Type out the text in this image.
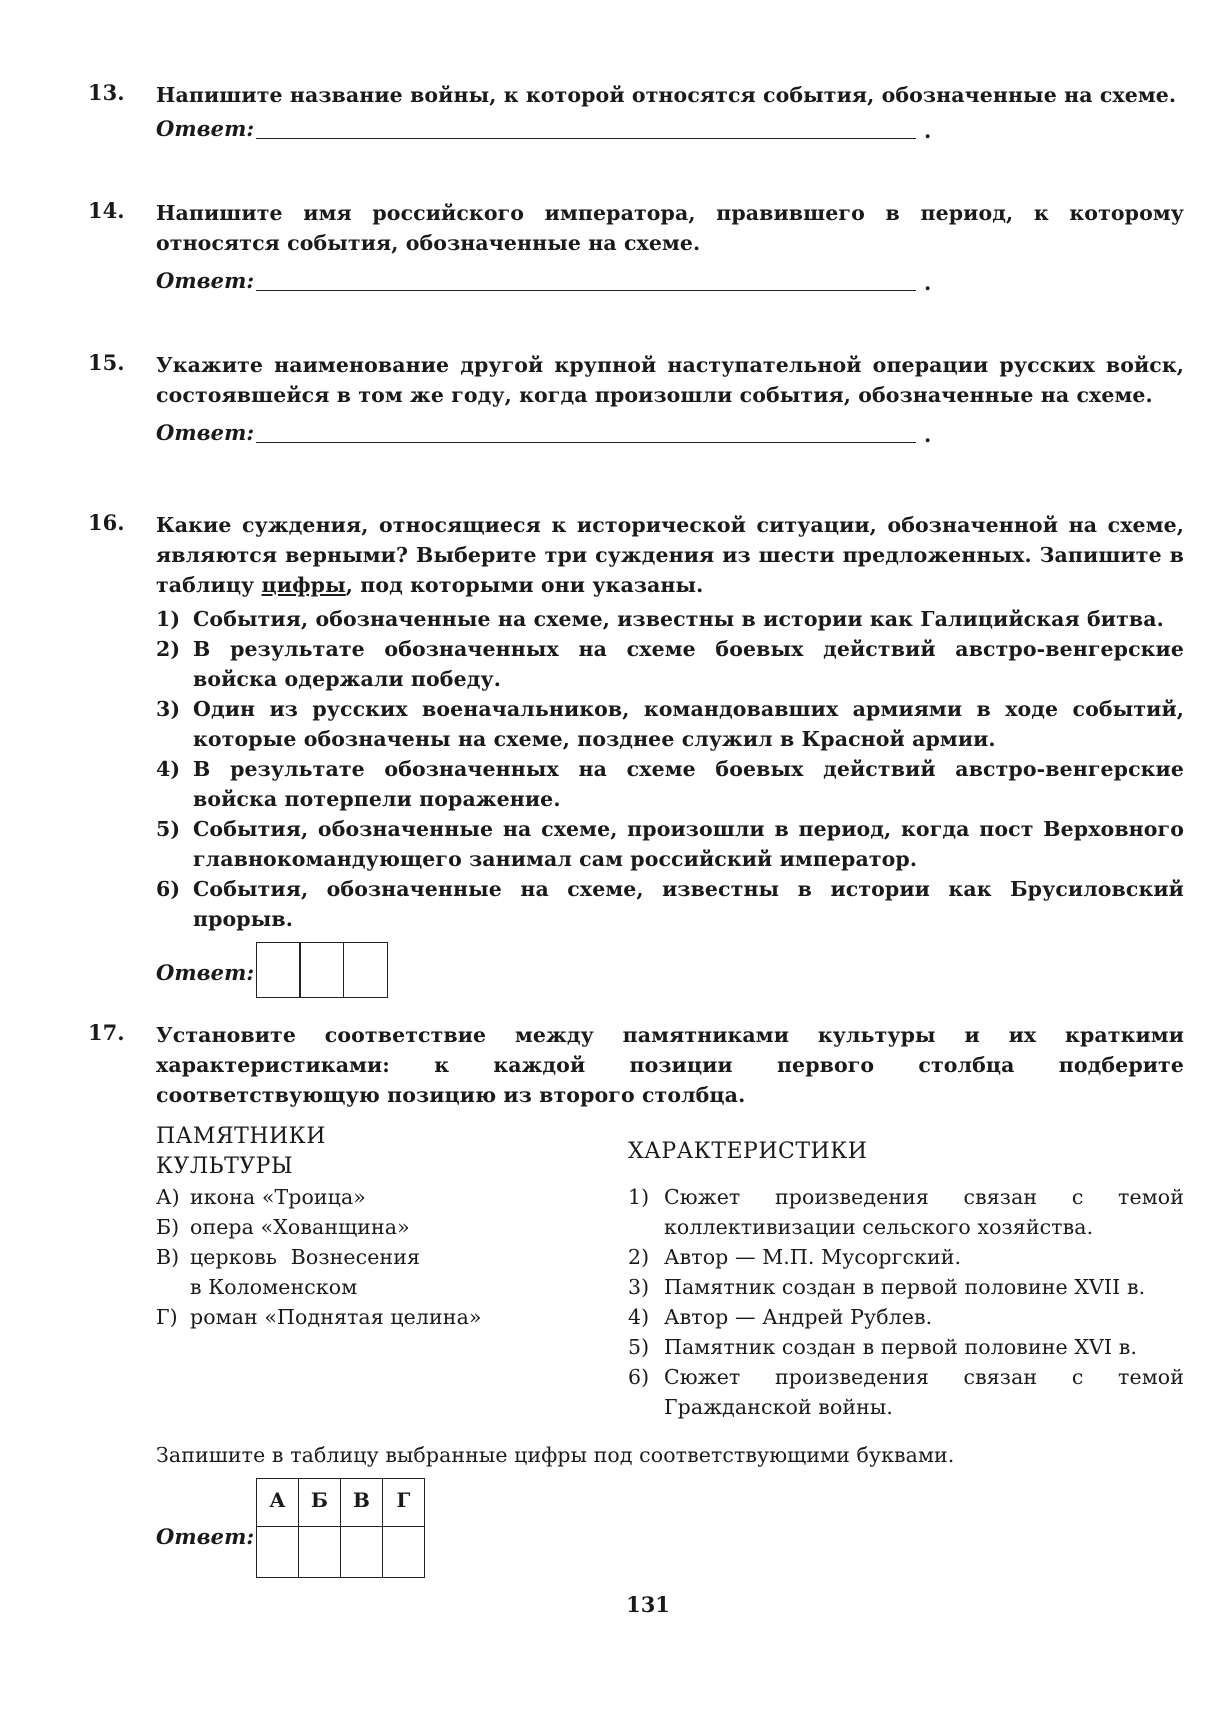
13. Напишите название войны, к которой относятся события, обозначенные на схеме.
Ответ:	.
14. Напишите имя российского императора, правившего в период, к которому относятся события, обозначенные на схеме.
Ответ:	.
15. Укажите наименование другой крупной наступательной операции русских войск, состоявшейся в том же году, когда произошли события, обозначенные на схеме.
Ответ:	.
16. Какие суждения, относящиеся к исторической ситуации, обозначенной на схеме, являются верными? Выберите три суждения из шести предложенных. Запишите в таблицу цифры, под которыми они указаны.
1) События, обозначенные на схеме, известны в истории как Галицийская битва.
2) В результате обозначенных на схеме боевых действий австро-венгерские войска одержали победу.
3) Один из русских военачальников, командовавших армиями в ходе событий, которые обозначены на схеме, позднее служил в Красной армии.
4) В результате обозначенных на схеме боевых действий австро-венгерские войска потерпели поражение.
5) События, обозначенные на схеме, произошли в период, когда пост Верховного главнокомандующего занимал сам российский император.
6) События, обозначенные на схеме, известны в истории как Брусиловский прорыв.
Ответ:
17. Установите соответствие между памятниками культуры и их краткими характеристиками: к каждой позиции первого столбца подберите соответствующую позицию из второго столбца.
ПАМЯТНИКИ КУЛЬТУРЫ
А) икона «Троица»
Б) опера «Хованщина»
В) церковь Вознесения в Коломенском
Г) роман «Поднятая целина»
ХАРАКТЕРИСТИКИ
1) Сюжет произведения связан с темой коллективизации сельского хозяйства.
2) Автор — М.П. Мусоргский.
3) Памятник создан в первой половине XVII в.
4) Автор — Андрей Рублев.
5) Памятник создан в первой половине XVI в.
6) Сюжет произведения связан с темой Гражданской войны.
Запишите в таблицу выбранные цифры под соответствующими буквами.
Ответ:
А	Б	В	Г

131
